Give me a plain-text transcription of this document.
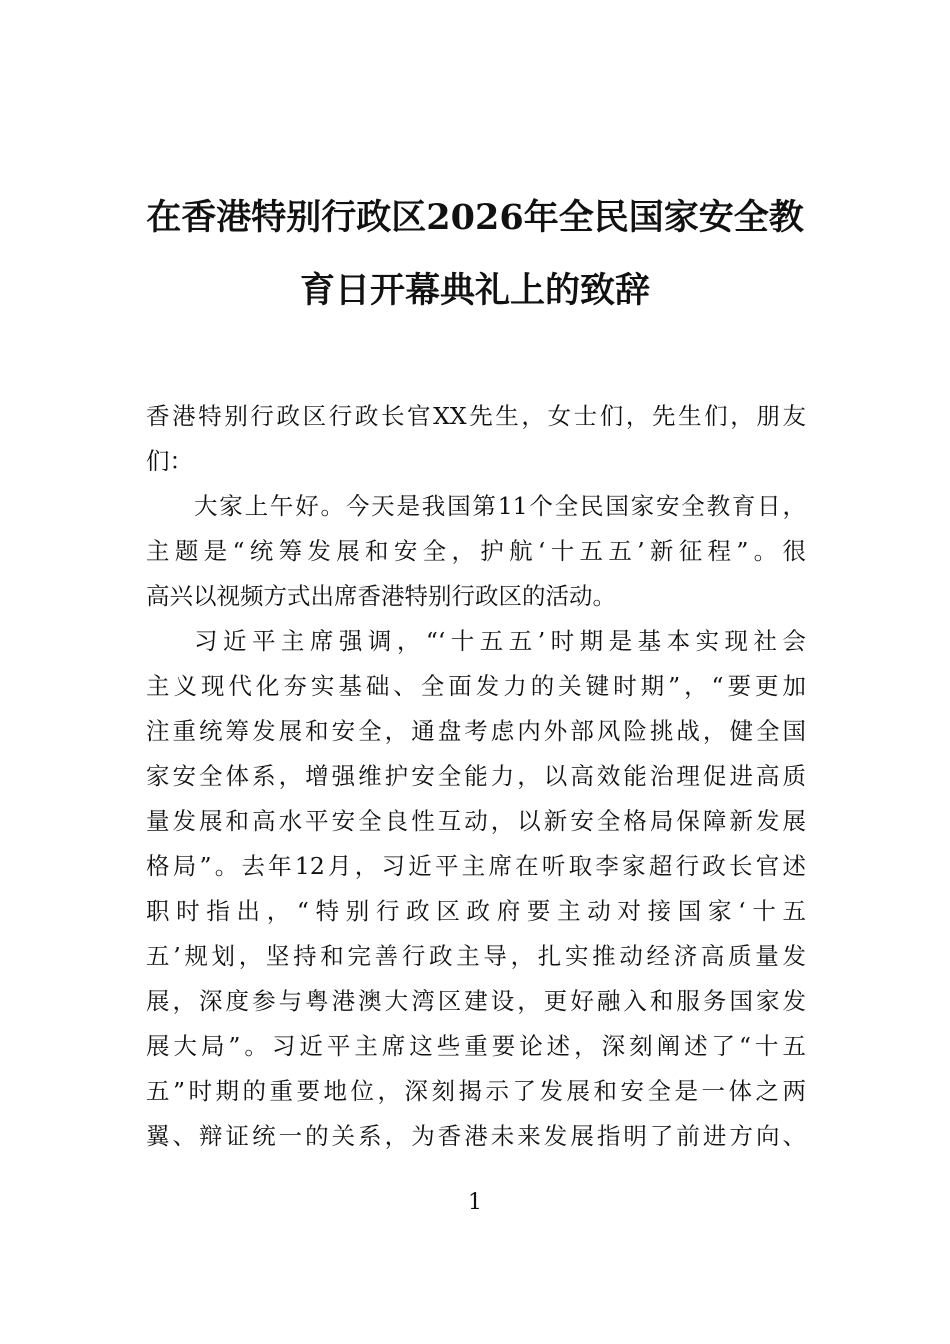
在香港特别行政区2026年全民国家安全教
育日开幕典礼上的致辞

香港特别行政区行政长官XX先生，女士们，先生们，朋友

们：

大家上午好。今天是我国第11个全民国家安全教育日，

主题是“统筹发展和安全，护航‘十五五’新征程”。很

高兴以视频方式出席香港特别行政区的活动。

习近平主席强调，“‘十五五’时期是基本实现社会

主义现代化夯实基础、全面发力的关键时期”，“要更加

注重统筹发展和安全，通盘考虑内外部风险挑战，健全国

家安全体系，增强维护安全能力，以高效能治理促进高质

量发展和高水平安全良性互动，以新安全格局保障新发展

格局”。去年12月，习近平主席在听取李家超行政长官述

职时指出，“特别行政区政府要主动对接国家‘十五

五’规划，坚持和完善行政主导，扎实推动经济高质量发

展，深度参与粤港澳大湾区建设，更好融入和服务国家发

展大局”。习近平主席这些重要论述，深刻阐述了“十五

五”时期的重要地位，深刻揭示了发展和安全是一体之两

翼、辩证统一的关系，为香港未来发展指明了前进方向、

1
